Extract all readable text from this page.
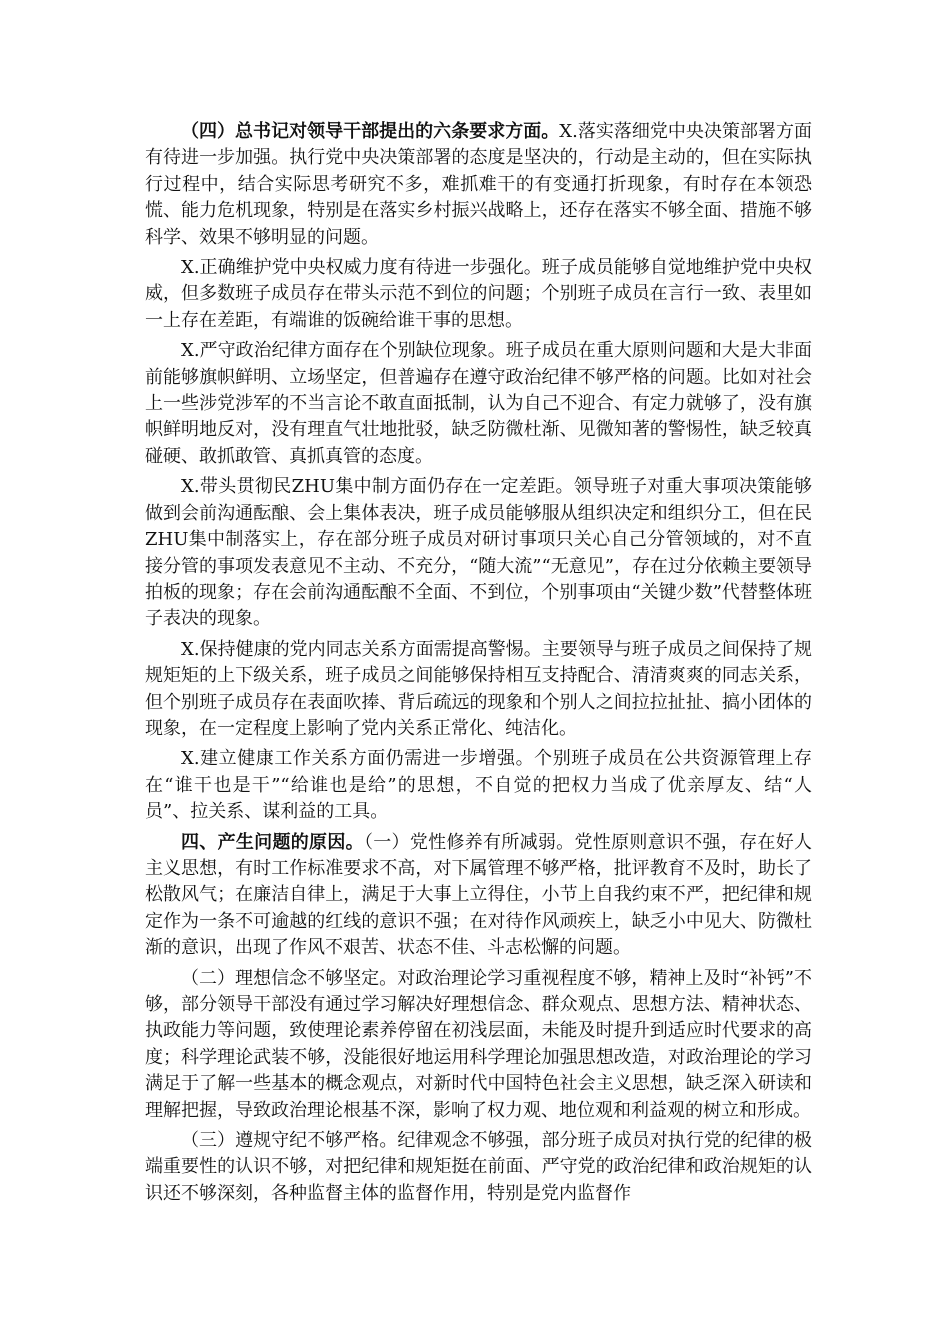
（四）总书记对领导干部提出的六条要求方面。X.落实落细党中央决策部署方面有待进一步加强。执行党中央决策部署的态度是坚决的，行动是主动的，但在实际执行过程中，结合实际思考研究不多，难抓难干的有变通打折现象，有时存在本领恐慌、能力危机现象，特别是在落实乡村振兴战略上，还存在落实不够全面、措施不够科学、效果不够明显的问题。

X.正确维护党中央权威力度有待进一步强化。班子成员能够自觉地维护党中央权威，但多数班子成员存在带头示范不到位的问题；个别班子成员在言行一致、表里如一上存在差距，有端谁的饭碗给谁干事的思想。

X.严守政治纪律方面存在个别缺位现象。班子成员在重大原则问题和大是大非面前能够旗帜鲜明、立场坚定，但普遍存在遵守政治纪律不够严格的问题。比如对社会上一些涉党涉军的不当言论不敢直面抵制，认为自己不迎合、有定力就够了，没有旗帜鲜明地反对，没有理直气壮地批驳，缺乏防微杜渐、见微知著的警惕性，缺乏较真碰硬、敢抓敢管、真抓真管的态度。

X.带头贯彻民ZHU集中制方面仍存在一定差距。领导班子对重大事项决策能够做到会前沟通酝酿、会上集体表决，班子成员能够服从组织决定和组织分工，但在民ZHU集中制落实上，存在部分班子成员对研讨事项只关心自己分管领域的，对不直接分管的事项发表意见不主动、不充分，“随大流”“无意见”，存在过分依赖主要领导拍板的现象；存在会前沟通酝酿不全面、不到位，个别事项由“关键少数”代替整体班子表决的现象。

X.保持健康的党内同志关系方面需提高警惕。主要领导与班子成员之间保持了规规矩矩的上下级关系，班子成员之间能够保持相互支持配合、清清爽爽的同志关系，但个别班子成员存在表面吹捧、背后疏远的现象和个别人之间拉拉扯扯、搞小团体的现象，在一定程度上影响了党内关系正常化、纯洁化。

X.建立健康工作关系方面仍需进一步增强。个别班子成员在公共资源管理上存在“谁干也是干”“给谁也是给”的思想，不自觉的把权力当成了优亲厚友、结“人员”、拉关系、谋利益的工具。

四、产生问题的原因。（一）党性修养有所减弱。党性原则意识不强，存在好人主义思想，有时工作标准要求不高，对下属管理不够严格，批评教育不及时，助长了松散风气；在廉洁自律上，满足于大事上立得住，小节上自我约束不严，把纪律和规定作为一条不可逾越的红线的意识不强；在对待作风顽疾上，缺乏小中见大、防微杜渐的意识，出现了作风不艰苦、状态不佳、斗志松懈的问题。

（二）理想信念不够坚定。对政治理论学习重视程度不够，精神上及时“补钙”不够，部分领导干部没有通过学习解决好理想信念、群众观点、思想方法、精神状态、执政能力等问题，致使理论素养停留在初浅层面，未能及时提升到适应时代要求的高度；科学理论武装不够，没能很好地运用科学理论加强思想改造，对政治理论的学习满足于了解一些基本的概念观点，对新时代中国特色社会主义思想，缺乏深入研读和理解把握，导致政治理论根基不深，影响了权力观、地位观和利益观的树立和形成。

（三）遵规守纪不够严格。纪律观念不够强，部分班子成员对执行党的纪律的极端重要性的认识不够，对把纪律和规矩挺在前面、严守党的政治纪律和政治规矩的认识还不够深刻，各种监督主体的监督作用，特别是党内监督作
